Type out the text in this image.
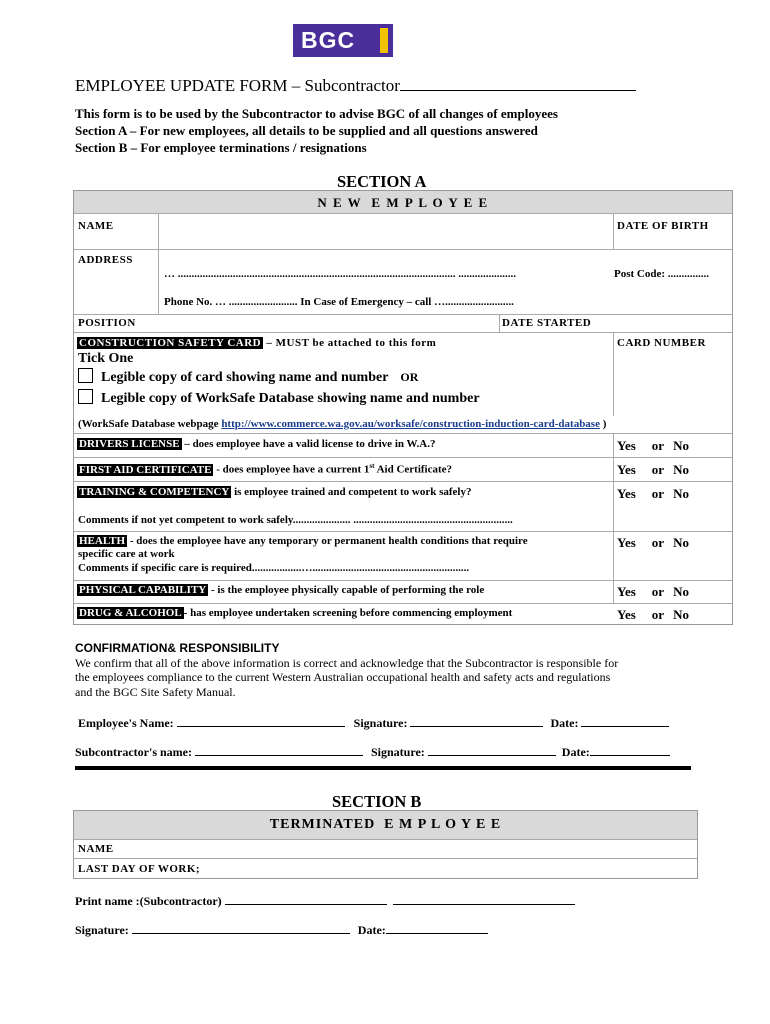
BGC
EMPLOYEE UPDATE FORM – Subcontractor
This form is to be used by the Subcontractor to advise BGC of all changes of employees
Section A – For new employees, all details to be supplied and all questions answered
Section B – For employee terminations / resignations
SECTION A
N E W  E M P L O Y E E
NAME	DATE OF BIRTH
ADDRESS
… ..................................................................................................... .....................	Post Code: ...............
Phone No. … ......................... In Case of Emergency – call ….........................
POSITION	DATE STARTED
CONSTRUCTION SAFETY CARD – MUST be attached to this form	CARD NUMBER
Tick One
Legible copy of card showing name and number OR
Legible copy of WorkSafe Database showing name and number
(WorkSafe Database webpage http://www.commerce.wa.gov.au/worksafe/construction-induction-card-database )
DRIVERS LICENSE – does employee have a valid license to drive in W.A.?	Yes or No
FIRST AID CERTIFICATE - does employee have a current 1st Aid Certificate?	Yes or No
TRAINING & COMPETENCY is employee trained and competent to work safely?	Yes or No
Comments if not yet competent to work safely..................... ..........................................................
HEALTH - does the employee have any temporary or permanent health conditions that require
specific care at work
Comments if specific care is required..................….........................................................
Yes or No
PHYSICAL CAPABILITY - is the employee physically capable of performing the role	Yes or No
DRUG & ALCOHOL - has employee undertaken screening before commencing employment	Yes or No
CONFIRMATION& RESPONSIBILITY
We confirm that all of the above information is correct and acknowledge that the Subcontractor is responsible for
the employees compliance to the current Western Australian occupational health and safety acts and regulations
and the BGC Site Safety Manual.
Employee's Name:	Signature:	Date:
Subcontractor's name:	Signature:	Date:
SECTION B
TERMINATED  E M P L O Y E E
NAME
LAST DAY OF WORK;
Print name :(Subcontractor)
Signature:	Date:
